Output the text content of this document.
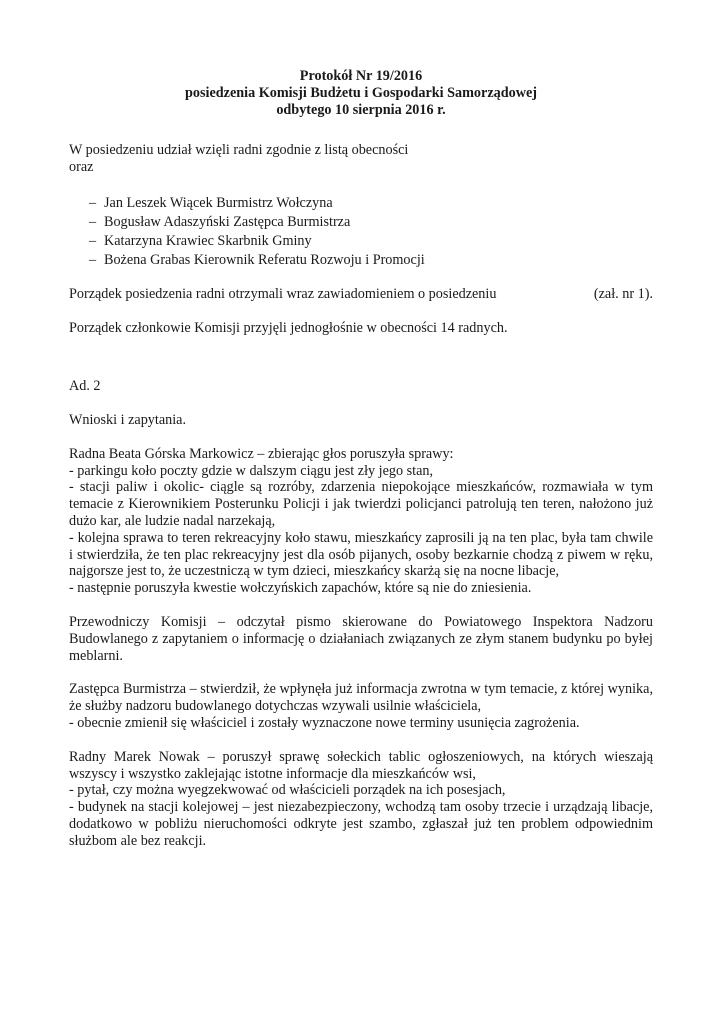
Protokół Nr 19/2016

posiedzenia Komisji Budżetu i Gospodarki Samorządowej

odbytego 10 sierpnia 2016 r.

W posiedzeniu udział wzięli radni zgodnie z listą obecności

oraz

– Jan Leszek Wiącek Burmistrz Wołczyna
– Bogusław Adaszyński Zastępca Burmistrza
– Katarzyna Krawiec Skarbnik Gminy
– Bożena Grabas Kierownik Referatu Rozwoju i Promocji
Porządek posiedzenia radni otrzymali wraz zawiadomieniem o posiedzeniu	(zał. nr 1).

Porządek członkowie Komisji przyjęli jednogłośnie w obecności 14 radnych.

Ad. 2

Wnioski i zapytania.

Radna Beata Górska Markowicz – zbierając głos poruszyła sprawy:

- parkingu koło poczty gdzie w dalszym ciągu jest zły jego stan,

- stacji paliw i okolic- ciągle są rozróby, zdarzenia niepokojące mieszkańców, rozmawiała w tym temacie z Kierownikiem Posterunku Policji i jak twierdzi policjanci patrolują ten teren, nałożono już dużo kar, ale ludzie nadal narzekają,

- kolejna sprawa to teren rekreacyjny koło stawu, mieszkańcy zaprosili ją na ten plac, była tam chwile i stwierdziła, że ten plac rekreacyjny jest dla osób pijanych, osoby bezkarnie chodzą z piwem w ręku, najgorsze jest to, że uczestniczą w tym dzieci, mieszkańcy skarżą się na nocne libacje,

- następnie poruszyła kwestie wołczyńskich zapachów, które są nie do zniesienia.

Przewodniczy Komisji – odczytał pismo skierowane do Powiatowego Inspektora Nadzoru Budowlanego z zapytaniem o informację o działaniach związanych ze złym stanem budynku po byłej meblarni.

Zastępca Burmistrza – stwierdził, że wpłynęła już informacja zwrotna w tym temacie, z której wynika, że służby nadzoru budowlanego dotychczas wzywali usilnie właściciela,

- obecnie zmienił się właściciel i zostały wyznaczone nowe terminy usunięcia zagrożenia.

Radny Marek Nowak – poruszył sprawę sołeckich tablic ogłoszeniowych, na których wieszają wszyscy i wszystko zaklejając istotne informacje dla mieszkańców wsi,

- pytał, czy można wyegzekwować od właścicieli porządek na ich posesjach,

- budynek na stacji kolejowej – jest niezabezpieczony, wchodzą tam osoby trzecie i urządzają libacje, dodatkowo w pobliżu nieruchomości odkryte jest szambo, zgłaszał już ten problem odpowiednim służbom ale bez reakcji.
